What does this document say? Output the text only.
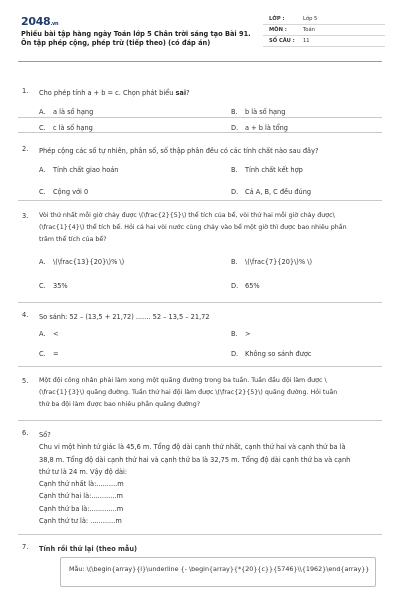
2048.vn
Phiếu bài tập hàng ngày Toán lớp 5 Chân trời sáng tạo Bài 91. Ôn tập phép cộng, phép trừ (tiếp theo) (có đáp án)
LỚP :	Lớp 5
MÔN :	Toán
SỐ CÂU : 11
1. Cho phép tính a + b = c. Chọn phát biểu sai?
A. a là số hạng	B. b là số hạng
C. c là số hạng	D. a + b là tổng
2. Phép cộng các số tự nhiên, phân số, số thập phân đều có các tính chất nào sau đây?
A. Tính chất giao hoán	B. Tính chất kết hợp
C. Cộng với 0	D. Cả A, B, C đều đúng
3. Vòi thứ nhất mỗi giờ chảy được \(\frac{2}{5}\) thể tích của bể, vòi thứ hai mỗi giờ chảy được\
(\frac{1}{4}\) thể tích bể. Hỏi cả hai vòi nước cùng chảy vào bể một giờ thì được bao nhiêu phần
trăm thể tích của bể?
A. \(\frac{13}{20}\)% \)	B. \(\frac{7}{20}\)% \)
C. 35%	D. 65%
4. So sánh: 52 – (13,5 + 21,72) ....... 52 – 13,5 – 21,72
A. <	B. >
C. =	D. Không so sánh được
5. Một đội công nhân phải làm xong một quãng đường trong ba tuần. Tuần đầu đội làm được \
(\frac{1}{3}\) quãng đường. Tuần thứ hai đội làm được \(\frac{2}{5}\) quãng đường. Hỏi tuần
thứ ba đội làm được bao nhiêu phần quãng đường?
6. Số?
Chu vi một hình tứ giác là 45,6 m. Tổng độ dài cạnh thứ nhất, cạnh thứ hai và cạnh thứ ba là
38,8 m. Tổng độ dài cạnh thứ hai và cạnh thứ ba là 32,75 m. Tổng độ dài cạnh thứ ba và cạnh
thứ tư là 24 m. Vậy độ dài:
Cạnh thứ nhất là:..........m
Cạnh thứ hai là:............m
Cạnh thứ ba là:.............m
Cạnh thứ tư là: ............m
7. Tính rồi thử lại (theo mẫu)
Mẫu: \(\begin{array}{l}\underline {- \begin{array}{*{20}{c}}{5746}\\{1962}\end{array}}
